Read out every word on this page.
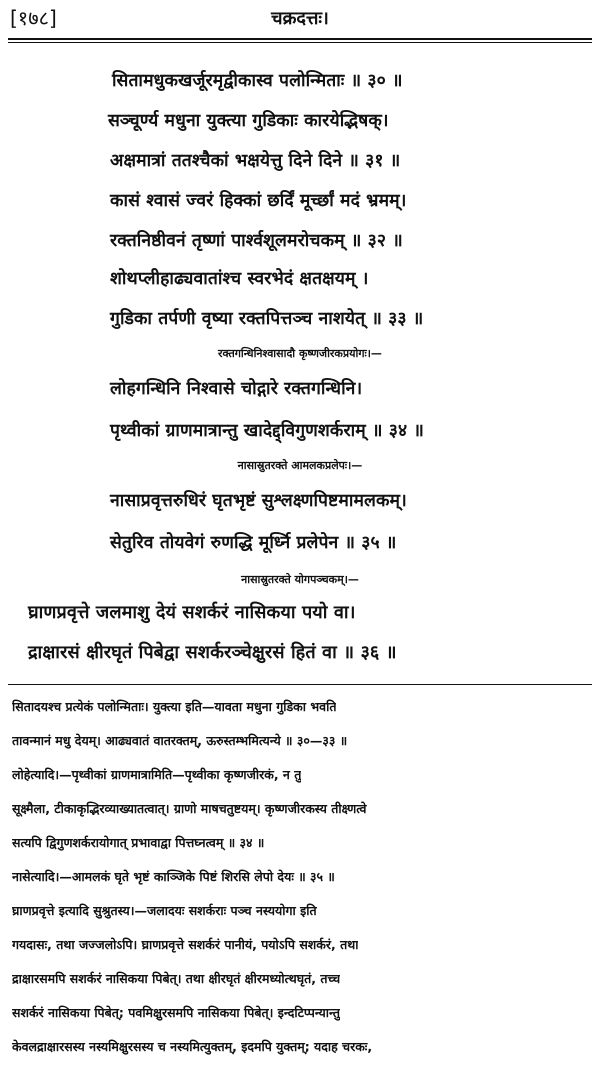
[१७८]	चक्रदत्तः।
सितामधुकखर्जूरमृद्वीकास्व पलोन्मिताः ॥ ३० ॥
सञ्चूर्ण्य मधुना युक्त्या गुडिकाः कारयेद्भिषक्।
अक्षमात्रां ततश्चैकां भक्षयेत्तु दिने दिने ॥ ३१ ॥
कासं श्वासं ज्वरं हिक्कां छर्दिं मूर्च्छां मदं भ्रमम्।
रक्तनिष्ठीवनं तृष्णां पार्श्वशूलमरोचकम् ॥ ३२ ॥
शोथप्लीहाढ्यवातांश्च स्वरभेदं क्षतक्षयम् ।
गुडिका तर्पणी वृष्या रक्तपित्तञ्च नाशयेत् ॥ ३३ ॥
रक्तगन्धिनिश्वासादौ कृष्णजीरकप्रयोगः।—
लोहगन्धिनि निश्वासे चोद्गारे रक्तगन्धिनि।
पृथ्वीकां ग्राणमात्रान्तु खादेद्द्विगुणशर्कराम् ॥ ३४ ॥
नासास्रुतरक्ते आमलकप्रलेपः।—
नासाप्रवृत्तरुधिरं घृतभृष्टं सुश्लक्ष्णपिष्टमामलकम्।
सेतुरिव तोयवेगं रुणद्धि मूर्ध्नि प्रलेपेन ॥ ३५ ॥
नासास्रुतरक्ते योगपञ्चकम्।—
घ्राणप्रवृत्ते जलमाशु देयं सशर्करं नासिकया पयो वा।
द्राक्षारसं क्षीरघृतं पिबेद्वा सशर्करञ्चेक्षुरसं हितं वा ॥ ३६ ॥
सितादयश्च प्रत्येकं पलोन्मिताः। युक्त्या इति—यावता मधुना गुडिका भवति
तावन्मानं मधु देयम्। आढ्यवातं वातरक्तम्, ऊरुस्तम्भमित्यन्ये ॥ ३०—३३ ॥
लोहेत्यादि।—पृथ्वीकां ग्राणमात्रामिति—पृथ्वीका कृष्णजीरकं, न तु
सूक्ष्मैला, टीकाकृद्भिरव्याख्यातत्वात्। ग्राणो माषचतुष्टयम्। कृष्णजीरकस्य तीक्ष्णत्वे
सत्यपि द्विगुणशर्करायोगात् प्रभावाद्वा पित्तघ्नत्वम् ॥ ३४ ॥
नासेत्यादि।—आमलकं घृते भृष्टं काञ्जिके पिष्टं शिरसि लेपो देयः ॥ ३५ ॥
घ्राणप्रवृत्ते इत्यादि सुश्रुतस्य।—जलादयः सशर्कराः पञ्च नस्ययोगा इति
गयदासः, तथा जज्जलोऽपि। घ्राणप्रवृत्ते सशर्करं पानीयं, पयोऽपि सशर्करं, तथा
द्राक्षारसमपि सशर्करं नासिकया पिबेत्। तथा क्षीरघृतं क्षीरमध्योत्थघृतं, तच्च
सशर्करं नासिकया पिबेत्; पवमिक्षुरसमपि नासिकया पिबेत्। इन्दटिप्पन्यान्तु
केवलद्राक्षारसस्य नस्यमिक्षुरसस्य च नस्यमित्युक्तम्, इदमपि युक्तम्; यदाह चरकः,
